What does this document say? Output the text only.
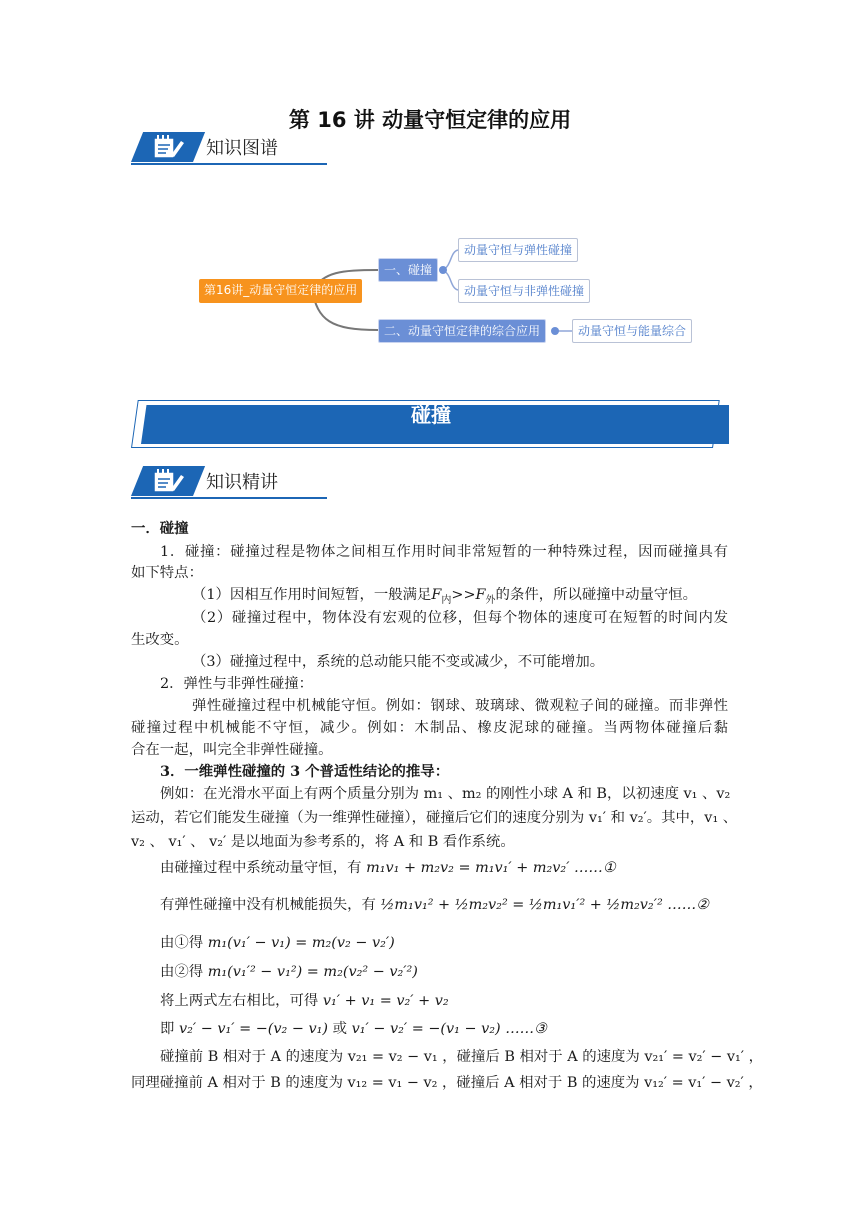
第 16 讲 动量守恒定律的应用
知识图谱
第16讲_动量守恒定律的应用
一、碰撞
动量守恒与弹性碰撞
动量守恒与非弹性碰撞
二、动量守恒定律的综合应用	动量守恒与能量综合
碰撞
知识精讲
一．碰撞
1．碰撞：碰撞过程是物体之间相互作用时间非常短暂的一种特殊过程，因而碰撞具有
如下特点：
（1）因相互作用时间短暂，一般满足$F_内>>F_外$的条件，所以碰撞中动量守恒。
（2）碰撞过程中，物体没有宏观的位移，但每个物体的速度可在短暂的时间内发
生改变。
（3）碰撞过程中，系统的总动能只能不变或减少，不可能增加。
2．弹性与非弹性碰撞：
弹性碰撞过程中机械能守恒。例如：钢球、玻璃球、微观粒子间的碰撞。而非弹性
碰撞过程中机械能不守恒，减少。例如：木制品、橡皮泥球的碰撞。当两物体碰撞后黏
合在一起，叫完全非弹性碰撞。
3．一维弹性碰撞的 3 个普适性结论的推导：
例如：在光滑水平面上有两个质量分别为 m₁ 、m₂ 的刚性小球 A 和 B，以初速度 v₁ 、v₂
运动，若它们能发生碰撞（为一维弹性碰撞），碰撞后它们的速度分别为 v₁′ 和 v₂′。其中，v₁ 、
v₂ 、 v₁′ 、 v₂′ 是以地面为参考系的，将 A 和 B 看作系统。
由碰撞过程中系统动量守恒，有 m₁v₁ + m₂v₂ = m₁v₁′ + m₂v₂′ ……①
有弹性碰撞中没有机械能损失，有 ½m₁v₁² + ½m₂v₂² = ½m₁v₁′² + ½m₂v₂′² ……②
由①得 m₁(v₁′ − v₁) = m₂(v₂ − v₂′)
由②得 m₁(v₁′² − v₁²) = m₂(v₂² − v₂′²)
将上两式左右相比，可得 v₁′ + v₁ = v₂′ + v₂
即 v₂′ − v₁′ = −(v₂ − v₁) 或 v₁′ − v₂′ = −(v₁ − v₂) ……③
碰撞前 B 相对于 A 的速度为 v₂₁ = v₂ − v₁ ，碰撞后 B 相对于 A 的速度为 v₂₁′ = v₂′ − v₁′ ，
同理碰撞前 A 相对于 B 的速度为 v₁₂ = v₁ − v₂ ，碰撞后 A 相对于 B 的速度为 v₁₂′ = v₁′ − v₂′ ，
